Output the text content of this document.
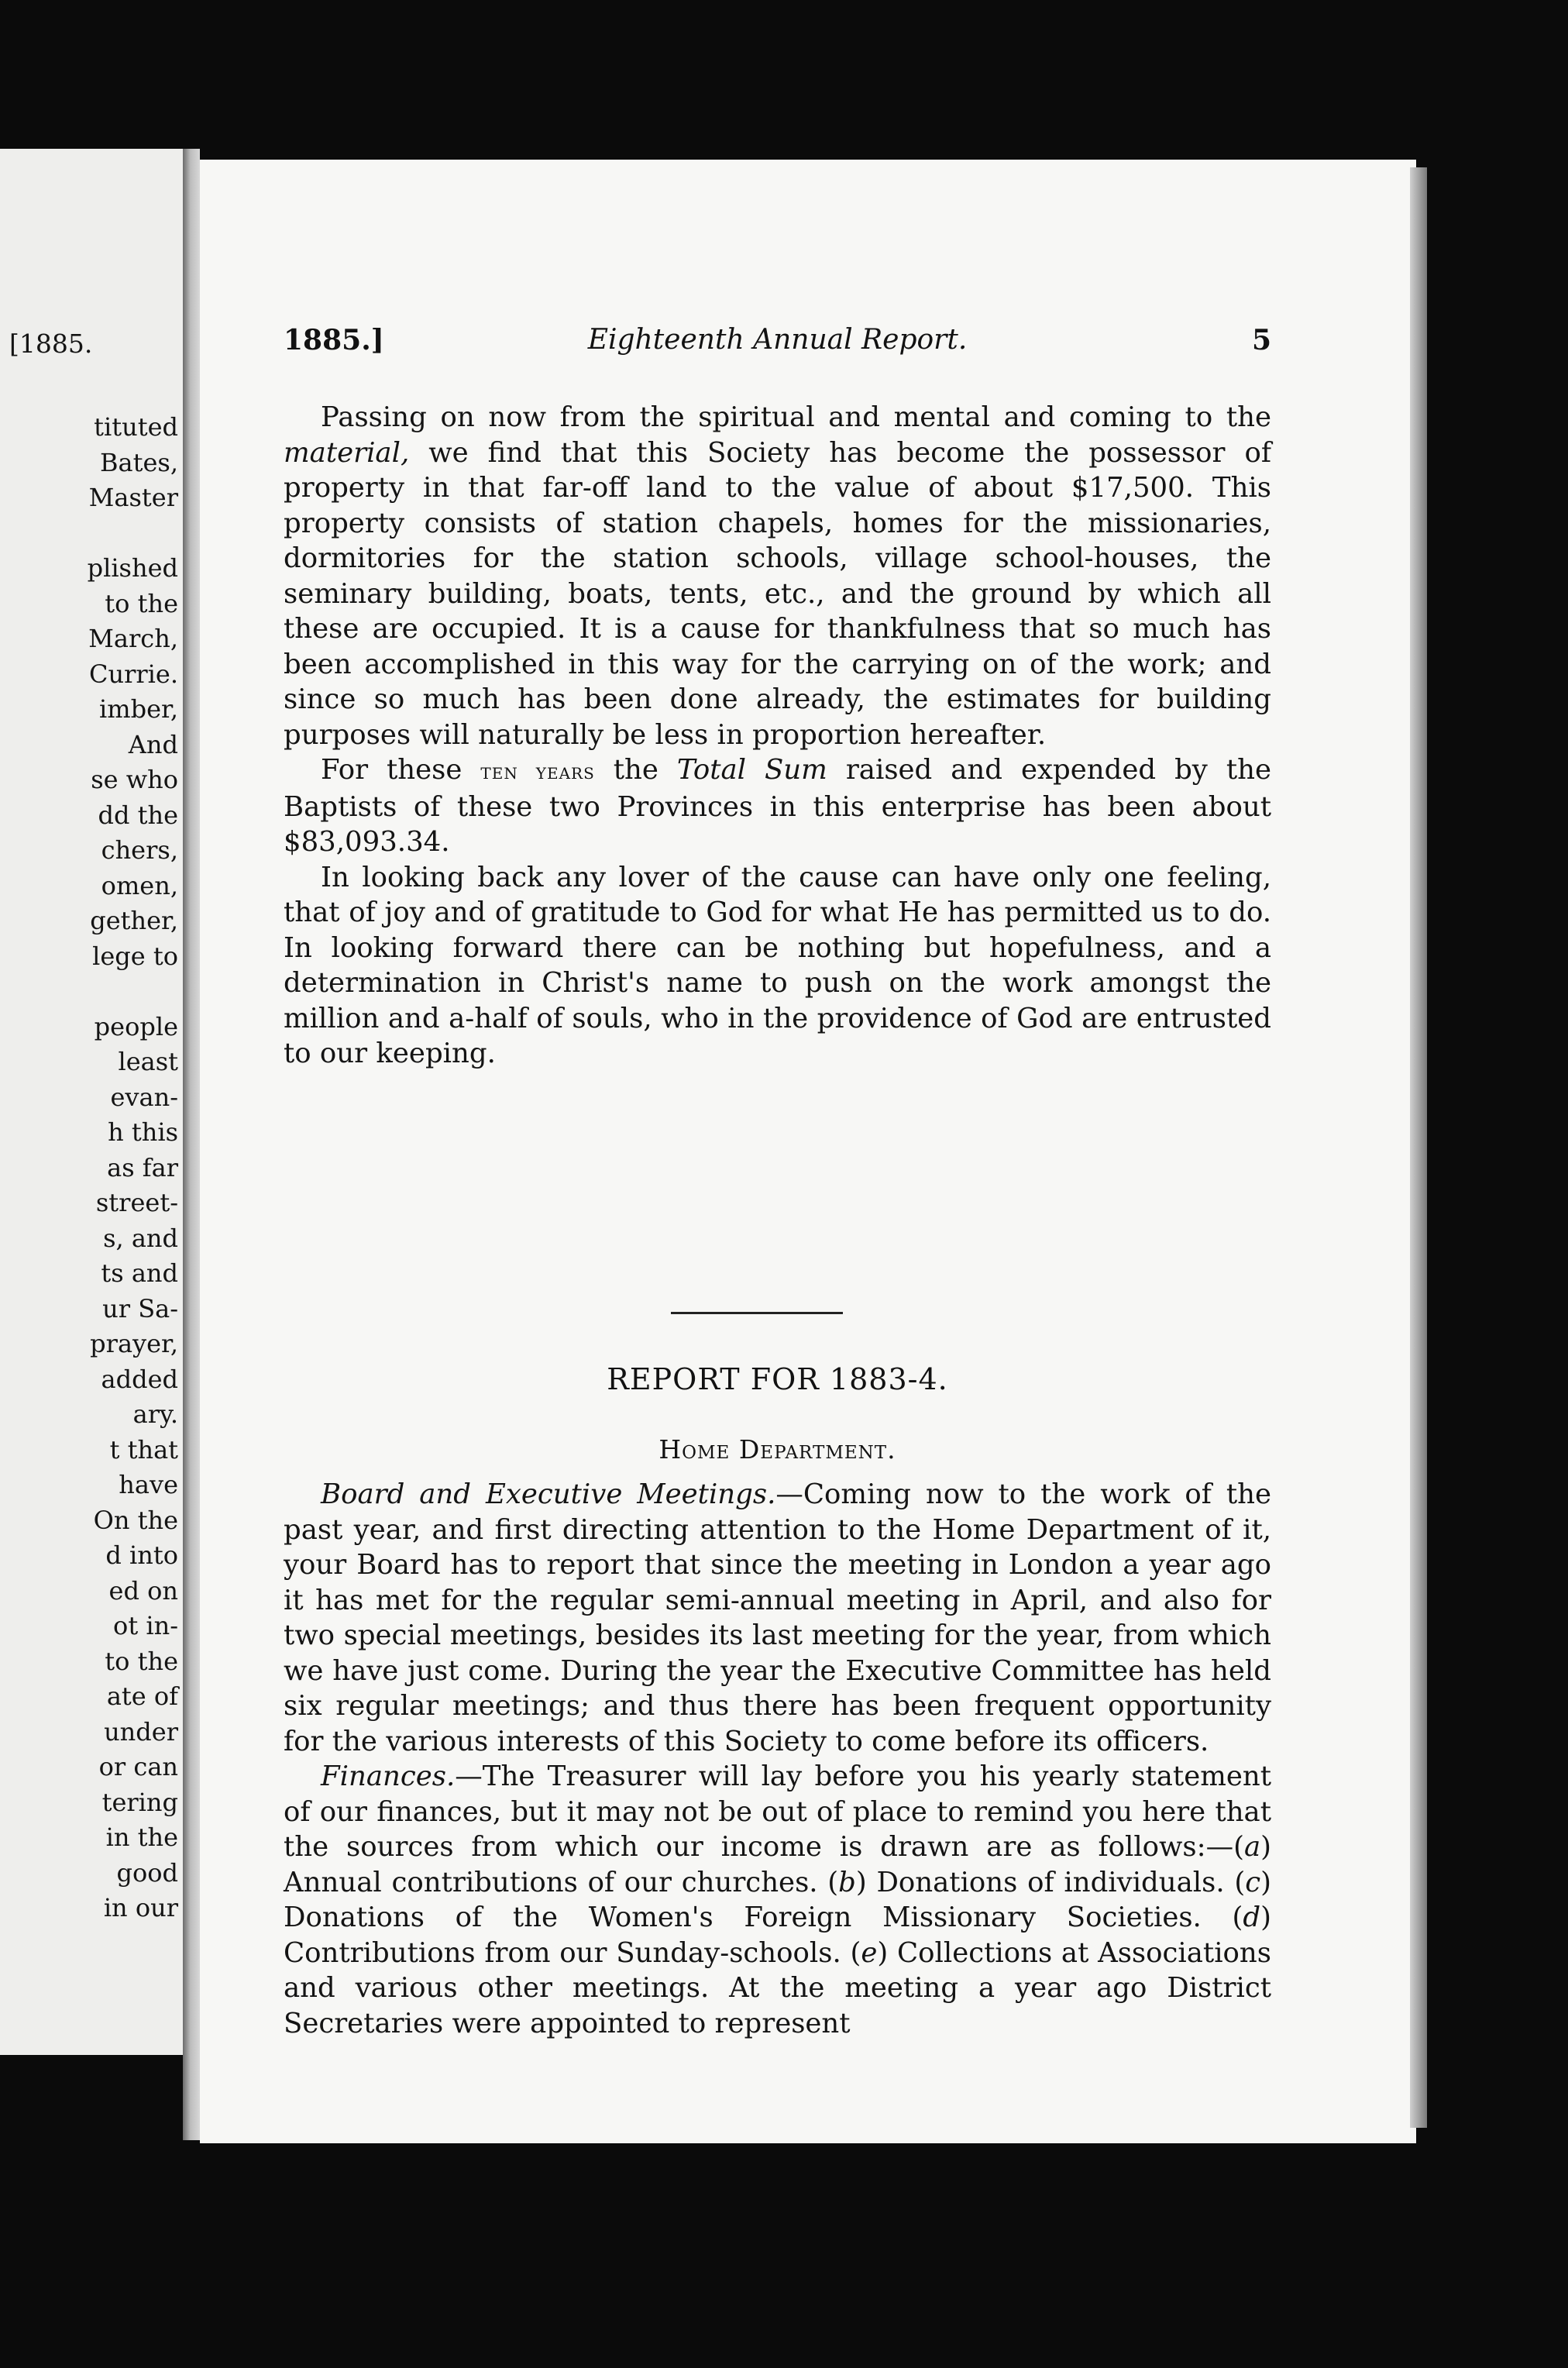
[1885.
tituted
Bates,
Master
plished
to the
March,
Currie.
imber,
And
se who
dd the
chers,
omen,
gether,
lege to
people
least
evan-
h this
as far
street-
s, and
ts and
ur Sa-
prayer,
added
ary.
t that
have
On the
d into
ed on
ot in-
to the
ate of
under
or can
tering
in the
good
in our
1885.]	Eighteenth Annual Report.	5

Passing on now from the spiritual and mental and coming to the material, we find that this Society has become the possessor of property in that far-off land to the value of about $17,500. This property consists of station chapels, homes for the missionaries, dormitories for the station schools, village school-houses, the seminary building, boats, tents, etc., and the ground by which all these are occupied. It is a cause for thankfulness that so much has been accomplished in this way for the carrying on of the work; and since so much has been done already, the estimates for building purposes will naturally be less in proportion hereafter.

For these ten years the Total Sum raised and expended by the Baptists of these two Provinces in this enterprise has been about $83,093.34.

In looking back any lover of the cause can have only one feeling, that of joy and of gratitude to God for what He has permitted us to do. In looking forward there can be nothing but hopefulness, and a determination in Christ's name to push on the work amongst the million and a-half of souls, who in the providence of God are entrusted to our keeping.

REPORT FOR 1883-4.
Home Department.

Board and Executive Meetings.—Coming now to the work of the past year, and first directing attention to the Home Department of it, your Board has to report that since the meeting in London a year ago it has met for the regular semi-annual meeting in April, and also for two special meetings, besides its last meeting for the year, from which we have just come. During the year the Executive Committee has held six regular meetings; and thus there has been frequent opportunity for the various interests of this Society to come before its officers.

Finances.—The Treasurer will lay before you his yearly statement of our finances, but it may not be out of place to remind you here that the sources from which our income is drawn are as follows:—(a) Annual contributions of our churches. (b) Donations of individuals. (c) Donations of the Women's Foreign Missionary Societies. (d) Contributions from our Sunday-schools. (e) Collections at Associations and various other meetings. At the meeting a year ago District Secretaries were appointed to represent
